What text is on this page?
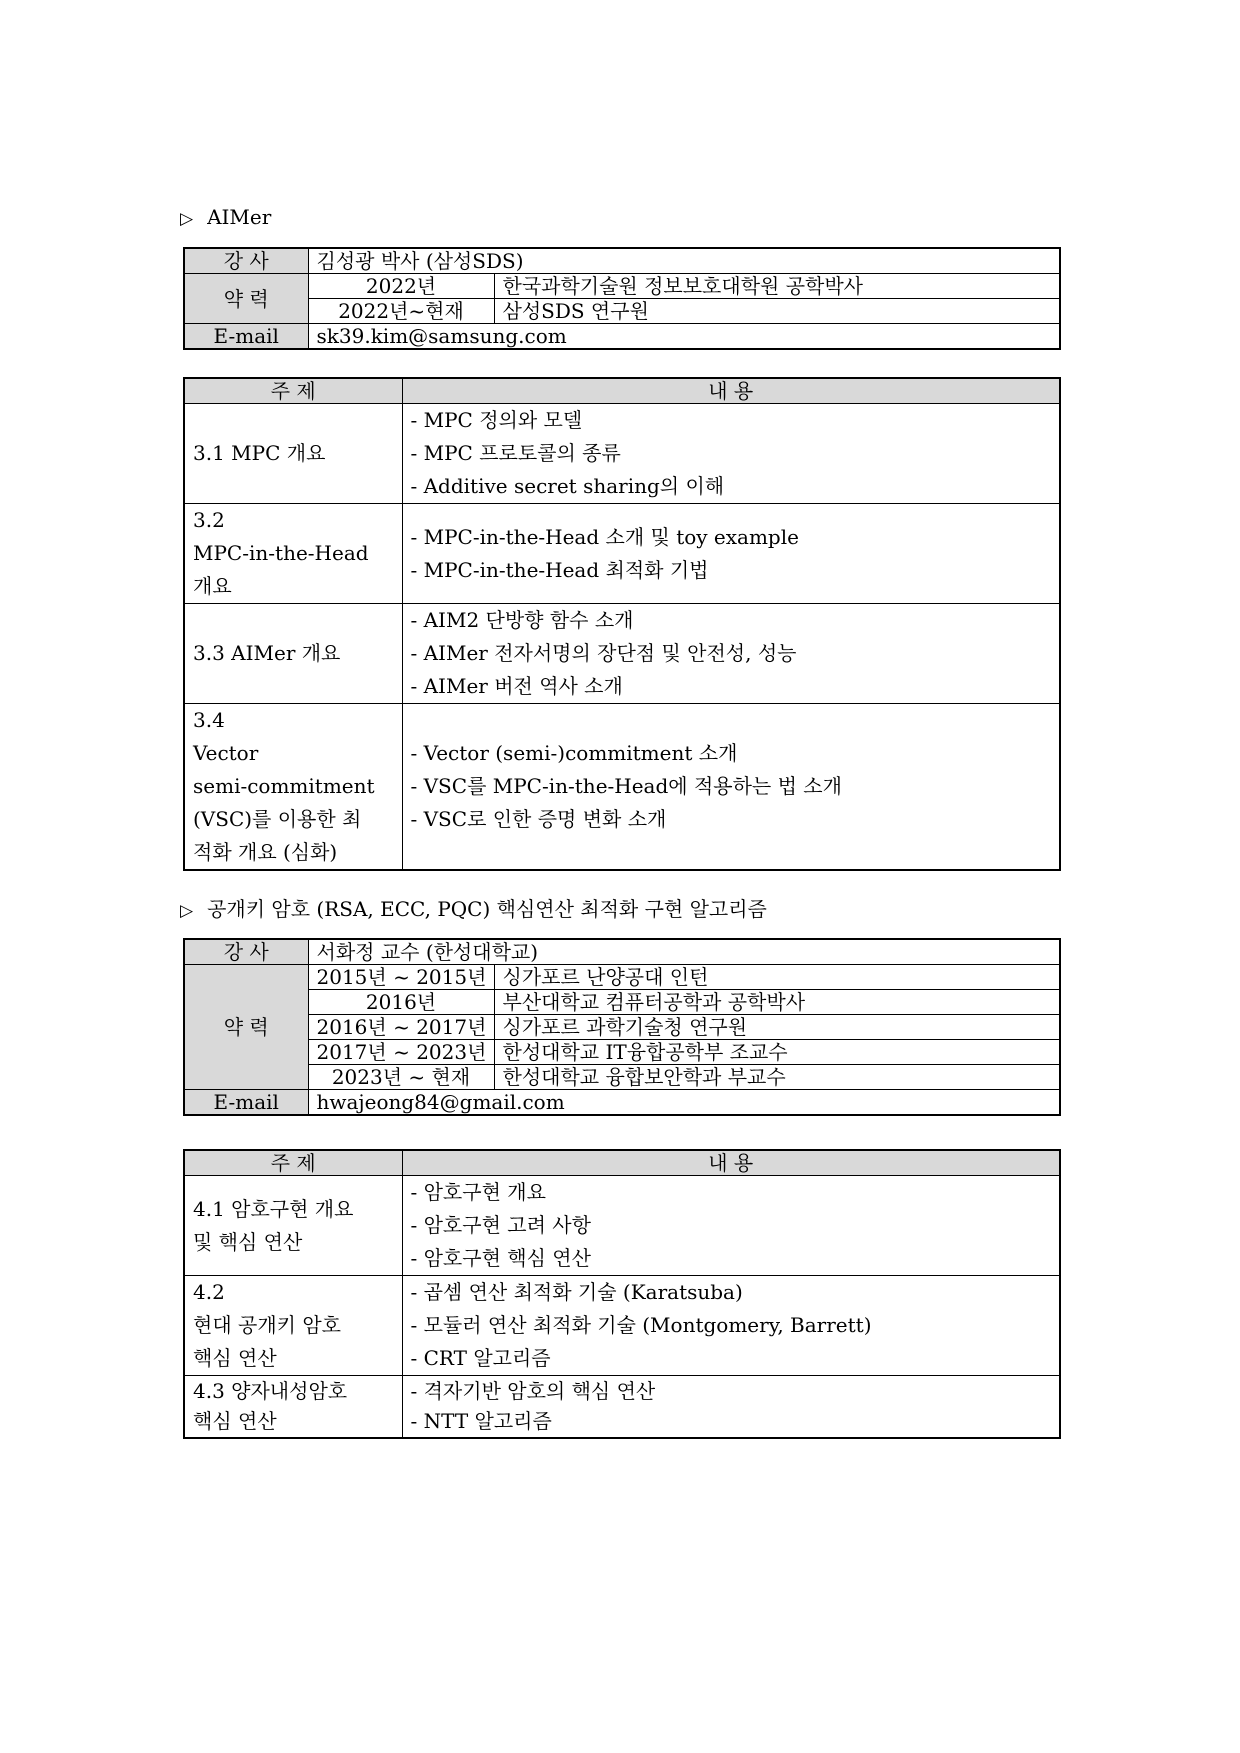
▷ AIMer
강 사	김성광 박사 (삼성SDS)	
약 력	2022년	한국과학기술원 정보보호대학원 공학박사
	2022년~현재	삼성SDS 연구원
E-mail	sk39.kim@samsung.com	
주 제	내 용

3.1 MPC 개요	- MPC 정의와 모델
- MPC 프로토콜의 종류
- Additive secret sharing의 이해

3.2
MPC-in-the-Head
개요	- MPC-in-the-Head 소개 및 toy example
- MPC-in-the-Head 최적화 기법

3.3 AIMer 개요	- AIM2 단방향 함수 소개
- AIMer 전자서명의 장단점 및 안전성, 성능
- AIMer 버전 역사 소개

3.4
Vector
semi-commitment
(VSC)를 이용한 최
적화 개요 (심화)	- Vector (semi-)commitment 소개
- VSC를 MPC-in-the-Head에 적용하는 법 소개
- VSC로 인한 증명 변화 소개
▷ 공개키 암호 (RSA, ECC, PQC) 핵심연산 최적화 구현 알고리즘
강 사	서화정 교수 (한성대학교)	
약 력	2015년 ~ 2015년	싱가포르 난양공대 인턴
	2016년	부산대학교 컴퓨터공학과 공학박사
	2016년 ~ 2017년	싱가포르 과학기술청 연구원
	2017년 ~ 2023년	한성대학교 IT융합공학부 조교수
	2023년 ~ 현재	한성대학교 융합보안학과 부교수
E-mail	hwajeong84@gmail.com	
주 제	내 용

4.1 암호구현 개요
및 핵심 연산	- 암호구현 개요
- 암호구현 고려 사항
- 암호구현 핵심 연산

4.2
현대 공개키 암호
핵심 연산	- 곱셈 연산 최적화 기술 (Karatsuba)
- 모듈러 연산 최적화 기술 (Montgomery, Barrett)
- CRT 알고리즘

4.3 양자내성암호
핵심 연산	- 격자기반 암호의 핵심 연산
- NTT 알고리즘
